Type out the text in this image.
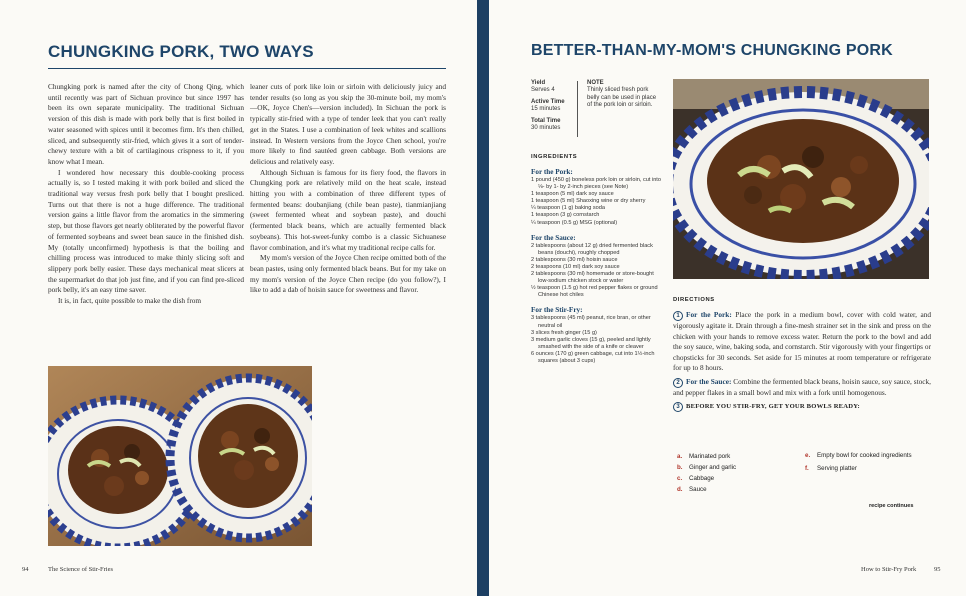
CHUNGKING PORK, TWO WAYS

Chungking pork is named after the city of Chong Qing, which until recently was part of Sichuan province but since 1997 has been its own separate municipality. The traditional Sichuan version of this dish is made with pork belly that is first boiled in water seasoned with spices until it becomes firm. It's then chilled, sliced, and subsequently stir-fried, which gives it a sort of tender-chewy texture with a bit of cartilaginous crispness to it, if you know what I mean.

I wondered how necessary this double-cooking process actually is, so I tested making it with pork boiled and sliced the traditional way versus fresh pork belly that I bought presliced. Turns out that there is not a huge difference. The traditional version gains a little flavor from the aromatics in the simmering step, but those flavors get nearly obliterated by the powerful flavor of fermented soybeans and sweet bean sauce in the finished dish. My (totally unconfirmed) hypothesis is that the boiling and chilling process was introduced to make thinly slicing soft and slippery pork belly easier. These days mechanical meat slicers at the supermarket do that job just fine, and if you can find pre-sliced pork belly, it's an easy time saver.

It is, in fact, quite possible to make the dish from

leaner cuts of pork like loin or sirloin with deliciously juicy and tender results (so long as you skip the 30-minute boil, my mom's—OK, Joyce Chen's—version included). In Sichuan the pork is typically stir-fried with a type of tender leek that you can't really get in the States. I use a combination of leek whites and scallions instead. In Western versions from the Joyce Chen school, you're more likely to find sautéed green cabbage. Both versions are delicious and relatively easy.

Although Sichuan is famous for its fiery food, the flavors in Chungking pork are relatively mild on the heat scale, instead hitting you with a combination of three different types of fermented beans: doubanjiang (chile bean paste), tianmianjiang (sweet fermented wheat and soybean paste), and douchi (fermented black beans, which are actually fermented black soybeans). This hot-sweet-funky combo is a classic Sichuanese flavor combination, and it's what my traditional recipe calls for.

My mom's version of the Joyce Chen recipe omitted both of the bean pastes, using only fermented black beans. But for my take on my mom's version of the Joyce Chen recipe (do you follow?), I like to add a dab of hoisin sauce for sweetness and flavor.

94	The Science of Stir-Fries
BETTER-THAN-MY-MOM'S CHUNGKING PORK
Yield
Serves 4
Active Time
15 minutes
Total Time
30 minutes
NOTE
Thinly sliced fresh pork belly can be used in place of the pork loin or sirloin.
INGREDIENTS
For the Pork:
1 pound (450 g) boneless pork loin or sirloin, cut into ⅛- by 1- by 2-inch pieces (see Note)
1 teaspoon (5 ml) dark soy sauce
1 teaspoon (5 ml) Shaoxing wine or dry sherry
¼ teaspoon (1 g) baking soda
1 teaspoon (3 g) cornstarch
¼ teaspoon (0.5 g) MSG (optional)
For the Sauce:
2 tablespoons (about 12 g) dried fermented black beans (douchi), roughly chopped
2 tablespoons (30 ml) hoisin sauce
2 teaspoons (10 ml) dark soy sauce
2 tablespoons (30 ml) homemade or store-bought low-sodium chicken stock or water
½ teaspoon (1.5 g) hot red pepper flakes or ground Chinese hot chiles
For the Stir-Fry:
3 tablespoons (45 ml) peanut, rice bran, or other neutral oil
3 slices fresh ginger (15 g)
3 medium garlic cloves (15 g), peeled and lightly smashed with the side of a knife or cleaver
6 ounces (170 g) green cabbage, cut into 1½-inch squares (about 3 cups)
DIRECTIONS
1 For the Pork: Place the pork in a medium bowl, cover with cold water, and vigorously agitate it. Drain through a fine-mesh strainer set in the sink and press on the chicken with your hands to remove excess water. Return the pork to the bowl and add the soy sauce, wine, baking soda, and cornstarch. Stir vigorously with your fingertips or chopsticks for 30 seconds. Set aside for 15 minutes at room temperature or refrigerate for up to 8 hours.
2 For the Sauce: Combine the fermented black beans, hoisin sauce, soy sauce, stock, and pepper flakes in a small bowl and mix with a fork until homogenous.
3 BEFORE YOU STIR-FRY, GET YOUR BOWLS READY:
a. Marinated pork
b. Ginger and garlic
c. Cabbage
d. Sauce
e. Empty bowl for cooked ingredients
f. Serving platter
recipe continues
How to Stir-Fry Pork	95
